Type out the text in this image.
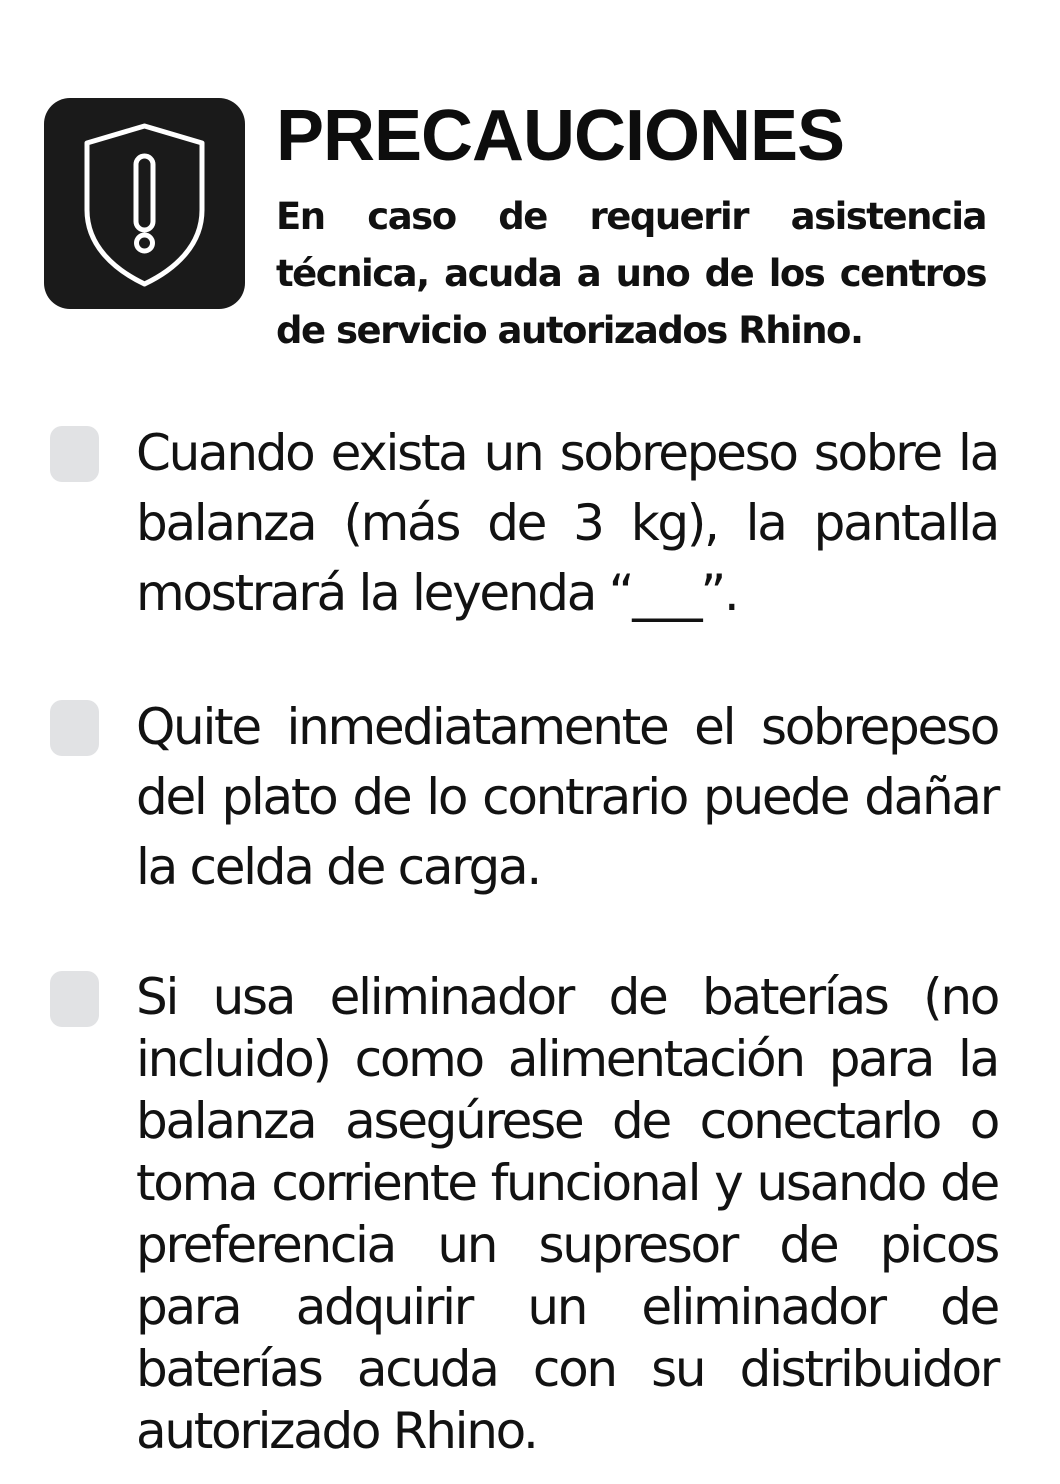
PRECAUCIONES

En caso de requerir asistencia técnica, acuda a uno de los centros de servicio autorizados Rhino.

Cuando exista un sobrepeso sobre la balanza (más de 3 kg), la pantalla mostrará la leyenda “___”.

Quite inmediatamente el sobrepeso del plato de lo contrario puede dañar la celda de carga.

Si usa eliminador de baterías (no incluido) como alimentación para la balanza asegúrese de conectarlo o toma corriente funcional y usando de preferencia un supresor de picos para adquirir un eliminador de baterías acuda con su distribuidor autorizado Rhino.
